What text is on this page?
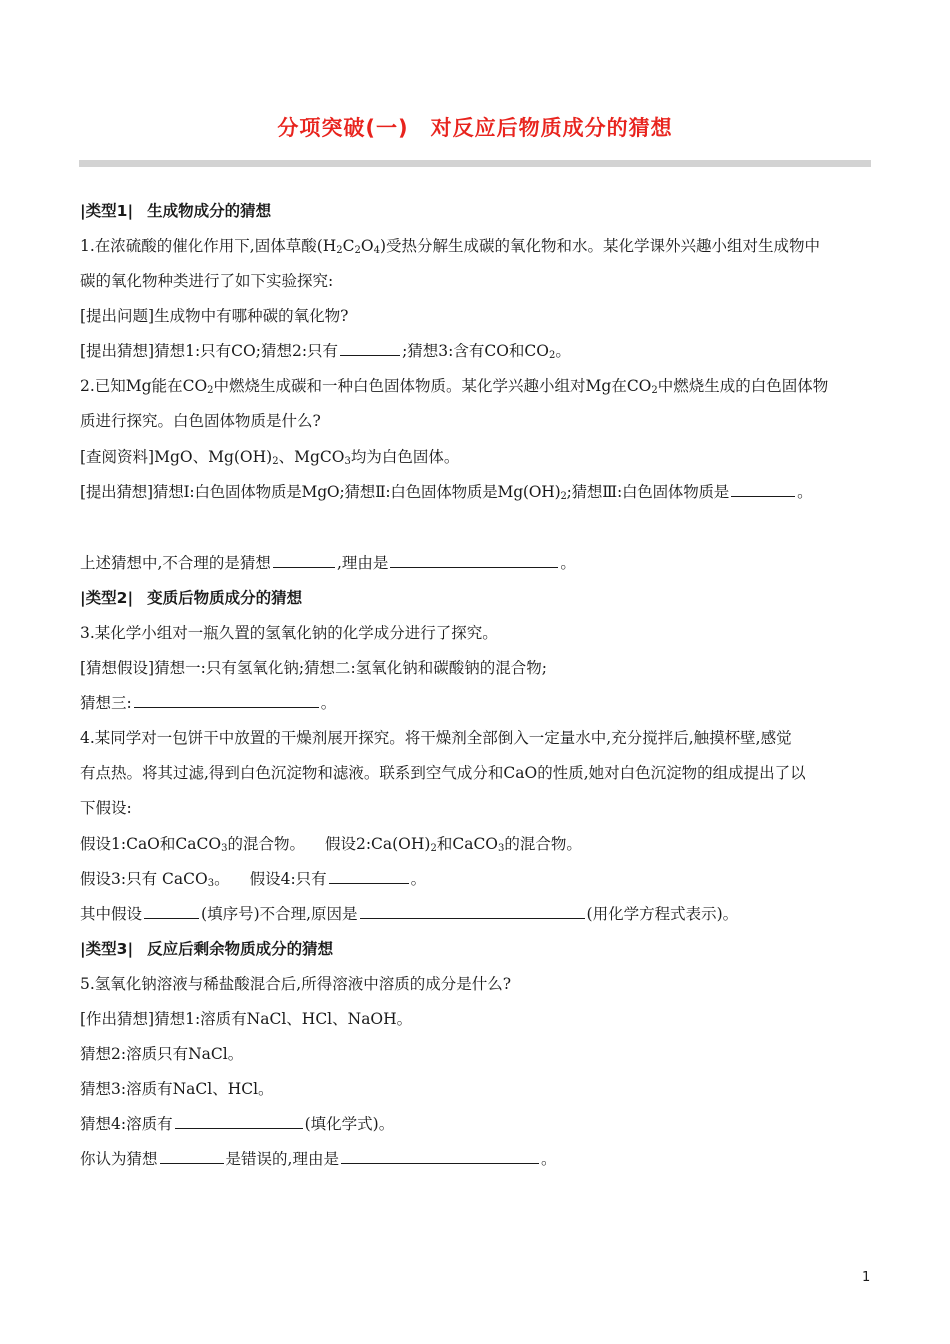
分项突破(一) 对反应后物质成分的猜想
|类型1| 生成物成分的猜想
1.在浓硫酸的催化作用下,固体草酸$(H_2C_2O_4)$受热分解生成碳的氧化物和水。某化学课外兴趣小组对生成物中
碳的氧化物种类进行了如下实验探究:
[提出问题]生成物中有哪种碳的氧化物?
[提出猜想]猜想1:只有CO;猜想2:只有	;猜想3:含有CO和$CO_2$。
2.已知Mg能在$CO_2$中燃烧生成碳和一种白色固体物质。某化学兴趣小组对Mg在$CO_2$中燃烧生成的白色固体物
质进行探究。白色固体物质是什么?
[查阅资料]MgO、$Mg(OH)_2$、MgCO$_3$均为白色固体。
[提出猜想]猜想Ⅰ:白色固体物质是MgO;猜想Ⅱ:白色固体物质是$Mg(OH)_2$;猜想Ⅲ:白色固体物质是	。
上述猜想中,不合理的是猜想	,理由是	。
|类型2| 变质后物质成分的猜想
3.某化学小组对一瓶久置的氢氧化钠的化学成分进行了探究。
[猜想假设]猜想一:只有氢氧化钠;猜想二:氢氧化钠和碳酸钠的混合物;
猜想三:	。
4.某同学对一包饼干中放置的干燥剂展开探究。将干燥剂全部倒入一定量水中,充分搅拌后,触摸杯壁,感觉
有点热。将其过滤,得到白色沉淀物和滤液。联系到空气成分和CaO的性质,她对白色沉淀物的组成提出了以
下假设:
假设1:CaO和CaCO$_3$的混合物。 假设$2:Ca(OH)_2$和CaCO$_3$的混合物。
假设3:只有 CaCO$_3$。 假设4:只有	。
其中假设	(填序号)不合理,原因是	(用化学方程式表示)。
|类型3| 反应后剩余物质成分的猜想
5.氢氧化钠溶液与稀盐酸混合后,所得溶液中溶质的成分是什么?
[作出猜想]猜想1:溶质有NaCl、HCl、NaOH。
猜想2:溶质只有NaCl。
猜想3:溶质有NaCl、HCl。
猜想4:溶质有	(填化学式)。
你认为猜想	是错误的,理由是	。
1
